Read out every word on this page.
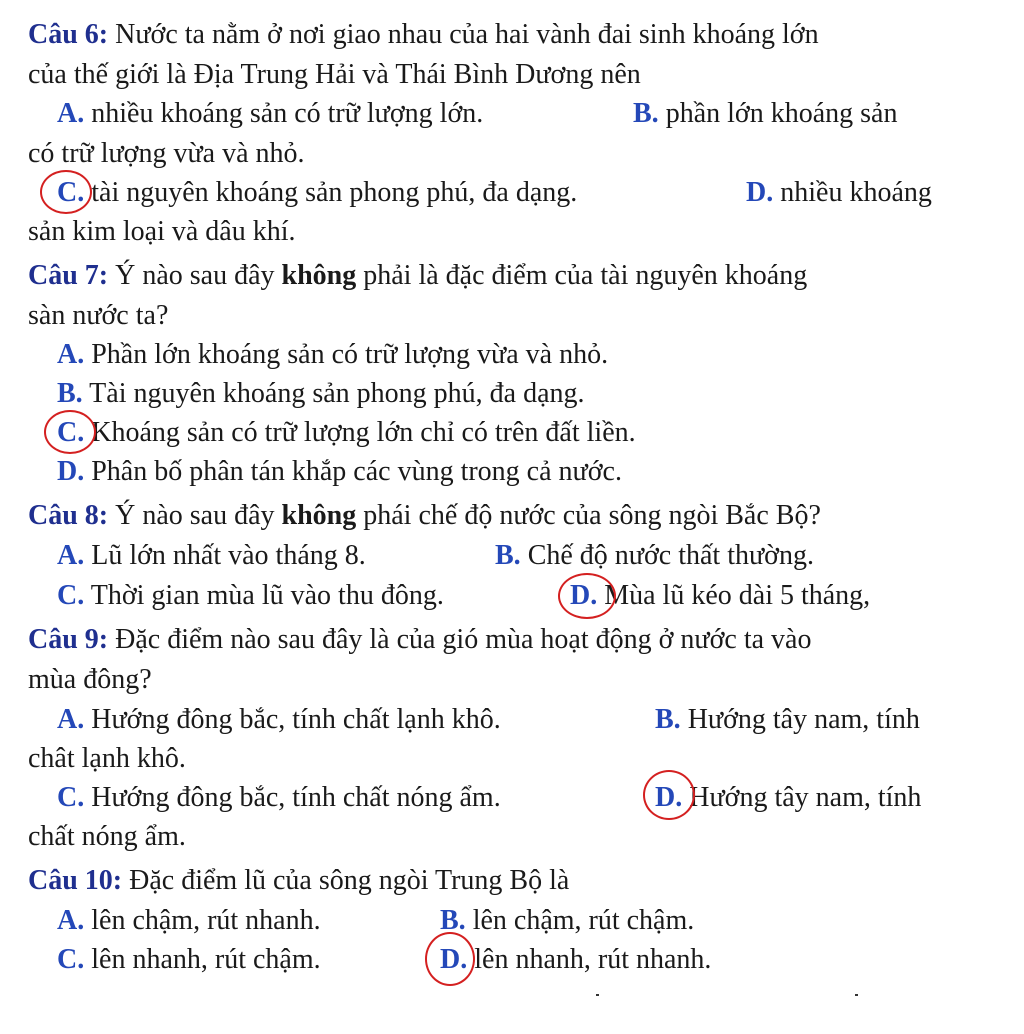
Câu 6: Nước ta nằm ở nơi giao nhau của hai vành đai sinh khoáng lớn
của thế giới là Địa Trung Hải và Thái Bình Dương nên
A. nhiều khoáng sản có trữ lượng lớn.	B. phần lớn khoáng sản
có trữ lượng vừa và nhỏ.
C. tài nguyên khoáng sản phong phú, đa dạng.	D. nhiều khoáng
sản kim loại và dâu khí.
Câu 7: Ý nào sau đây không phải là đặc điểm của tài nguyên khoáng
sàn nước ta?
A. Phần lớn khoáng sản có trữ lượng vừa và nhỏ.
B. Tài nguyên khoáng sản phong phú, đa dạng.
C. Khoáng sản có trữ lượng lớn chỉ có trên đất liền.
D. Phân bố phân tán khắp các vùng trong cả nước.
Câu 8: Ý nào sau đây không phái chế độ nước của sông ngòi Bắc Bộ?
A. Lũ lớn nhất vào tháng 8.	B. Chế độ nước thất thường.
C. Thời gian mùa lũ vào thu đông.	D. Mùa lũ kéo dài 5 tháng,
Câu 9: Đặc điểm nào sau đây là của gió mùa hoạt động ở nước ta vào
mùa đông?
A. Hướng đông bắc, tính chất lạnh khô.	B. Hướng tây nam, tính
chât lạnh khô.
C. Hướng đông bắc, tính chất nóng ẩm.	D. Hướng tây nam, tính
chất nóng ẩm.
Câu 10: Đặc điểm lũ của sông ngòi Trung Bộ là
A. lên chậm, rút nhanh.	B. lên chậm, rút chậm.
C. lên nhanh, rút chậm.	D. lên nhanh, rút nhanh.
